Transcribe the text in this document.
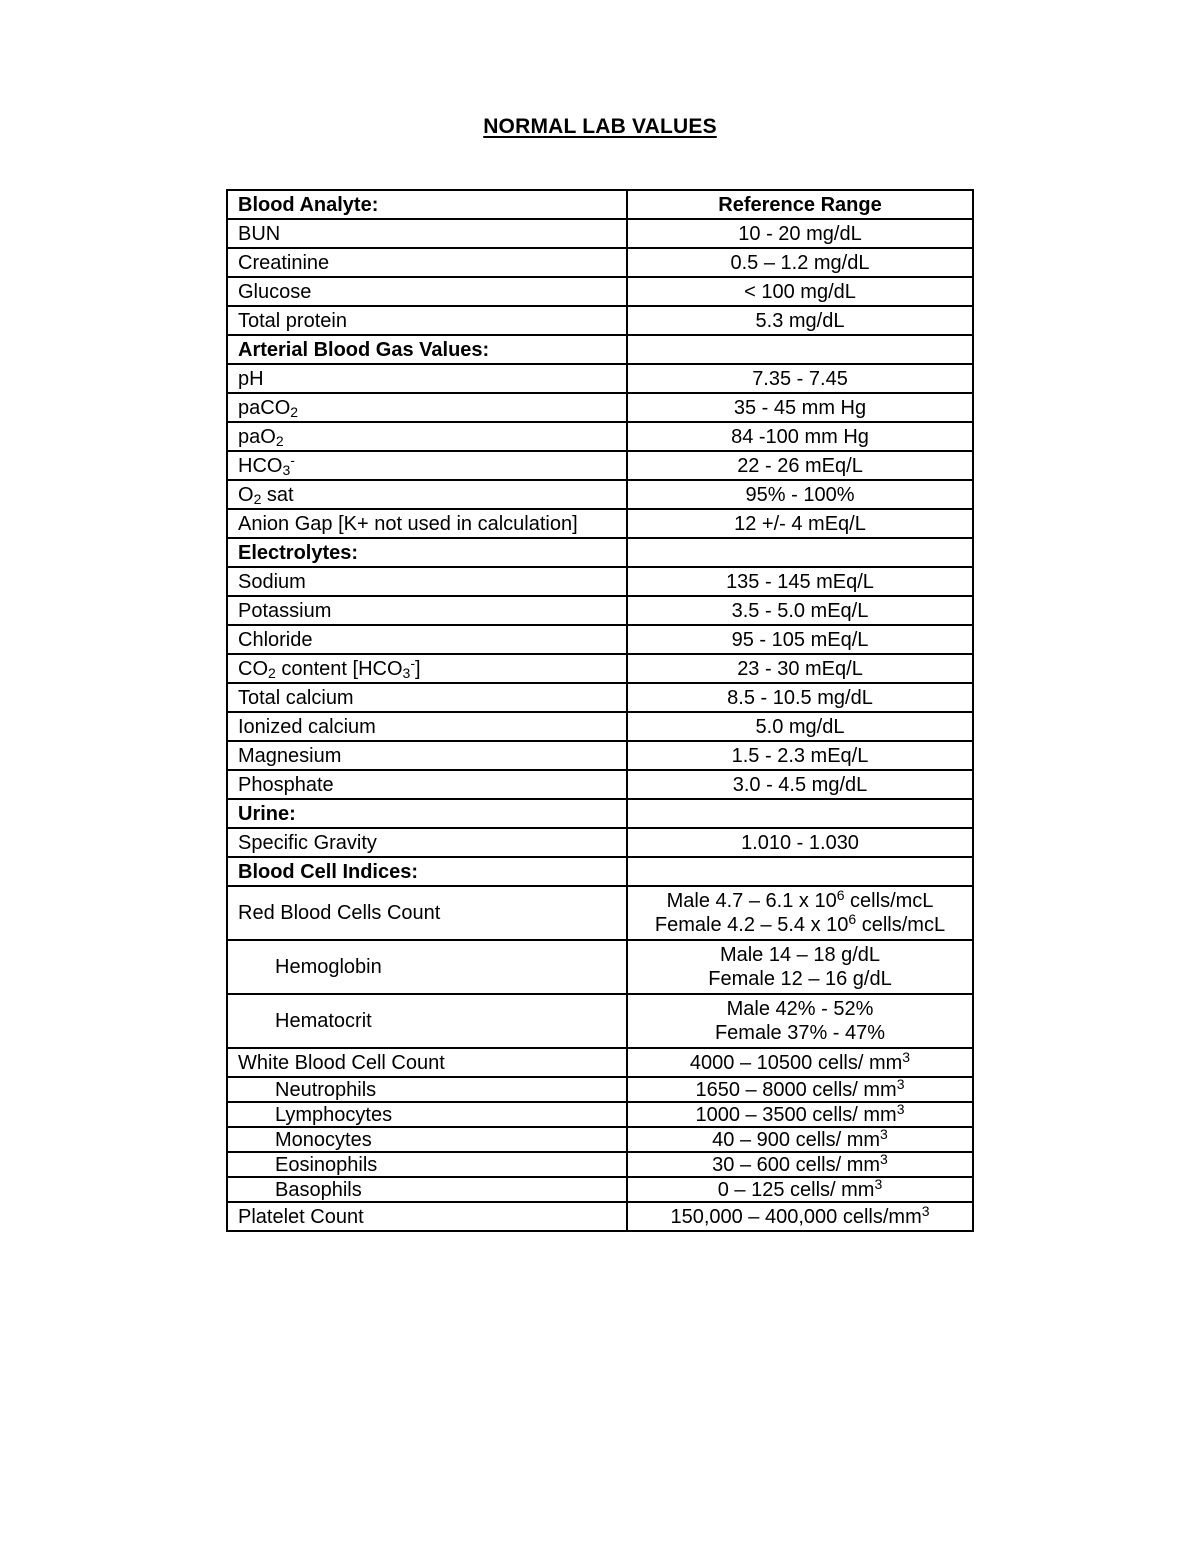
NORMAL LAB VALUES
Blood Analyte:	Reference Range
BUN	10 - 20 mg/dL
Creatinine	0.5 – 1.2 mg/dL
Glucose	< 100 mg/dL
Total protein	5.3 mg/dL
Arterial Blood Gas Values:	
pH	7.35 - 7.45
paCO$_2$	35 - 45 mm Hg
paO$_2$	84 -100 mm Hg
$HCO_3^-$	22 - 26 mEq/L
$O_2$ sat	95% - 100%
Anion Gap [K+ not used in calculation]	12 +/- 4 mEq/L
Electrolytes:	
Sodium	135 - 145 mEq/L
Potassium	3.5 - 5.0 mEq/L
Chloride	95 - 105 mEq/L
$CO_2$ content $[HCO_3^-]$	23 - 30 mEq/L
Total calcium	8.5 - 10.5 mg/dL
Ionized calcium	5.0 mg/dL
Magnesium	1.5 - 2.3 mEq/L
Phosphate	3.0 - 4.5 mg/dL
Urine:	
Specific Gravity	1.010 - 1.030
Blood Cell Indices:	
Red Blood Cells Count	Male 4.7 – 6.1 x $10^6$ cells/mcL
Female 4.2 – 5.4 x $10^6$ cells/mcL

Hemoglobin	Male 14 – 18 g/dL
Female 12 – 16 g/dL

Hematocrit	Male 42% - 52%
Female 37% - 47%

White Blood Cell Count	4000 – 10500 cells/ $mm^3$
Neutrophils	1650 – 8000 cells/ $mm^3$
Lymphocytes	1000 – 3500 cells/ $mm^3$
Monocytes	40 – 900 cells/ $mm^3$
Eosinophils	30 – 600 cells/ $mm^3$
Basophils	0 – 125 cells/ $mm^3$
Platelet Count	150,000 – 400,000 cells/$mm^3$
